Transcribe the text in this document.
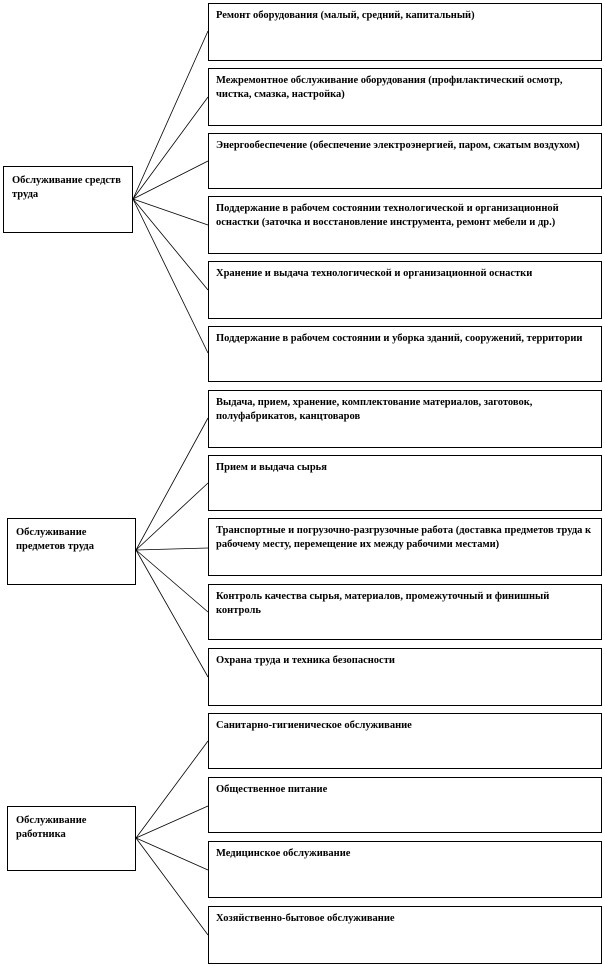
Обслуживание средств труда
Ремонт оборудования (малый, средний, капитальный)
Межремонтное обслуживание оборудования (профилактический осмотр, чистка, смазка, настройка)
Энергообеспечение (обеспечение электроэнергией, паром, сжатым воздухом)
Поддержание в рабочем состоянии технологической и организационной оснастки (заточка и восстановление инструмента, ремонт мебели и др.)
Хранение и выдача технологической и организационной оснастки
Поддержание в рабочем состоянии и уборка зданий, сооружений, территории
Обслуживание предметов труда
Выдача, прием, хранение, комплектование материалов, заготовок, полуфабрикатов, канцтоваров
Прием и выдача сырья
Транспортные и погрузочно-разгрузочные работа (доставка предметов труда к рабочему месту, перемещение их между рабочими местами)
Контроль качества сырья, материалов, промежуточный и финишный контроль
Охрана труда и техника безопасности
Обслуживание работника
Санитарно-гигиеническое обслуживание
Общественное питание
Медицинское обслуживание
Хозяйственно-бытовое обслуживание
